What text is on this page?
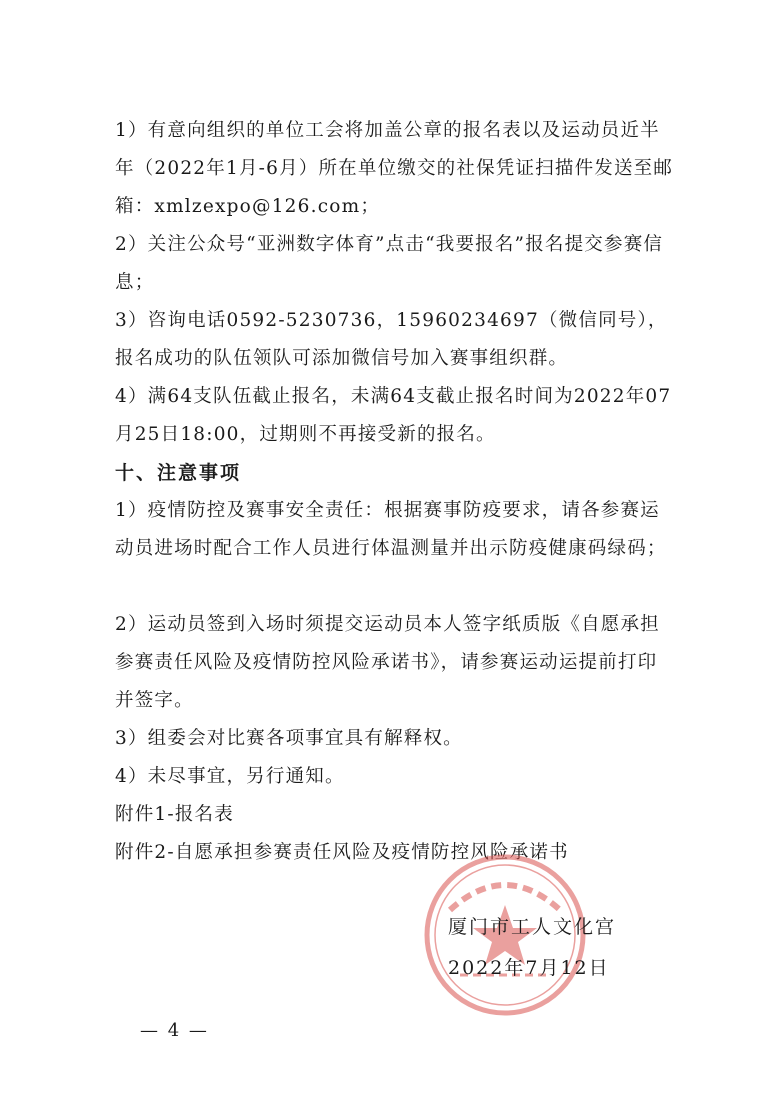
1）有意向组织的单位工会将加盖公章的报名表以及运动员近半年（2022年1月-6月）所在单位缴交的社保凭证扫描件发送至邮箱：xmlzexpo@126.com；

2）关注公众号“亚洲数字体育”点击“我要报名”报名提交参赛信息；

3）咨询电话0592-5230736，15960234697（微信同号），报名成功的队伍领队可添加微信号加入赛事组织群。

4）满64支队伍截止报名，未满64支截止报名时间为2022年07月25日18:00，过期则不再接受新的报名。

十、注意事项

1）疫情防控及赛事安全责任：根据赛事防疫要求，请各参赛运动员进场时配合工作人员进行体温测量并出示防疫健康码绿码；

2）运动员签到入场时须提交运动员本人签字纸质版《自愿承担参赛责任风险及疫情防控风险承诺书》，请参赛运动运提前打印并签字。

3）组委会对比赛各项事宜具有解释权。

4）未尽事宜，另行通知。

附件1-报名表

附件2-自愿承担参赛责任风险及疫情防控风险承诺书

厦门市工人文化宫
2022年7月12日
— 4 —
